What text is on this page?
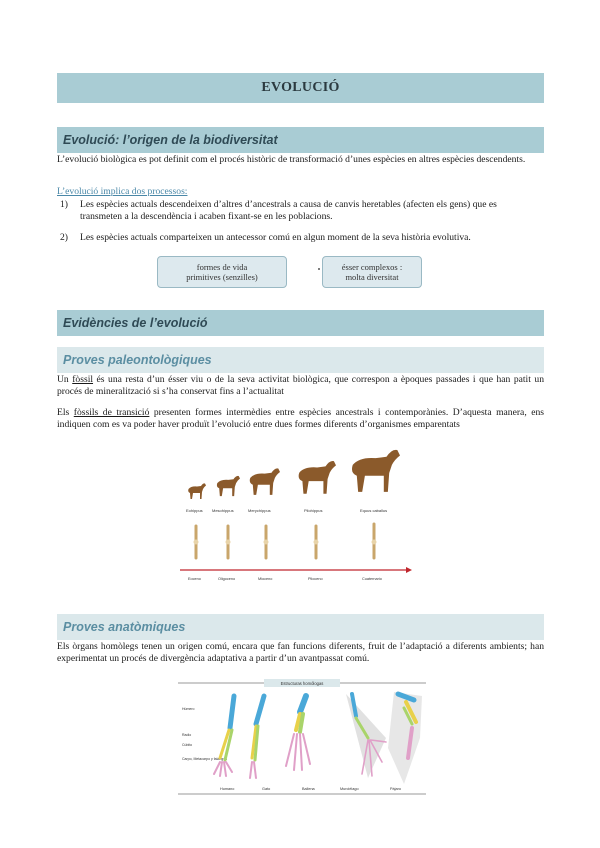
EVOLUCIÓ
Evolució: l’origen de la biodiversitat
L’evolució biològica es pot definit com el procés històric de transformació d’unes espècies en altres espècies descendents.
L’evolució implica dos processos:
1) Les espècies actuals descendeixen d’altres d’ancestrals a causa de canvis heretables (afecten els gens) que es transmeten a la descendència i acaben fixant-se en les poblacions.
2) Les espècies actuals comparteixen un antecessor comú en algun moment de la seva història evolutiva.
formes de vida
primitives (senzilles)
ésser complexos :
molta diversitat
Evidències de l’evolució
Proves paleontològiques
Un fòssil és una resta d’un ésser viu o de la seva activitat biològica, que correspon a èpoques passades i que han patit un procés de mineralització si s’ha conservat fins a l’actualitat
Els fòssils de transició presenten formes intermèdies entre espècies ancestrals i contemporànies. D’aquesta manera, ens indiquen com es va poder haver produït l’evolució entre dues formes diferents d’organismes emparentats
Eohippus Mesohippus	Merychippus	Pliohippus	Equus caballus
Eoceno	Oligoceno	Mioceno	Plioceno	Cuaternario
Proves anatòmiques
Els òrgans homòlegs tenen un origen comú, encara que fan funcions diferents, fruit de l’adaptació a diferents ambients; han experimentat un procés de divergència adaptativa a partir d’un avantpassat comú.
Estructuras homólogas
Húmero
Radio
Cúbito
Carpo, Metacarpo y falanges
Humano	Gato	Ballena	Murciélago	Pájaro
